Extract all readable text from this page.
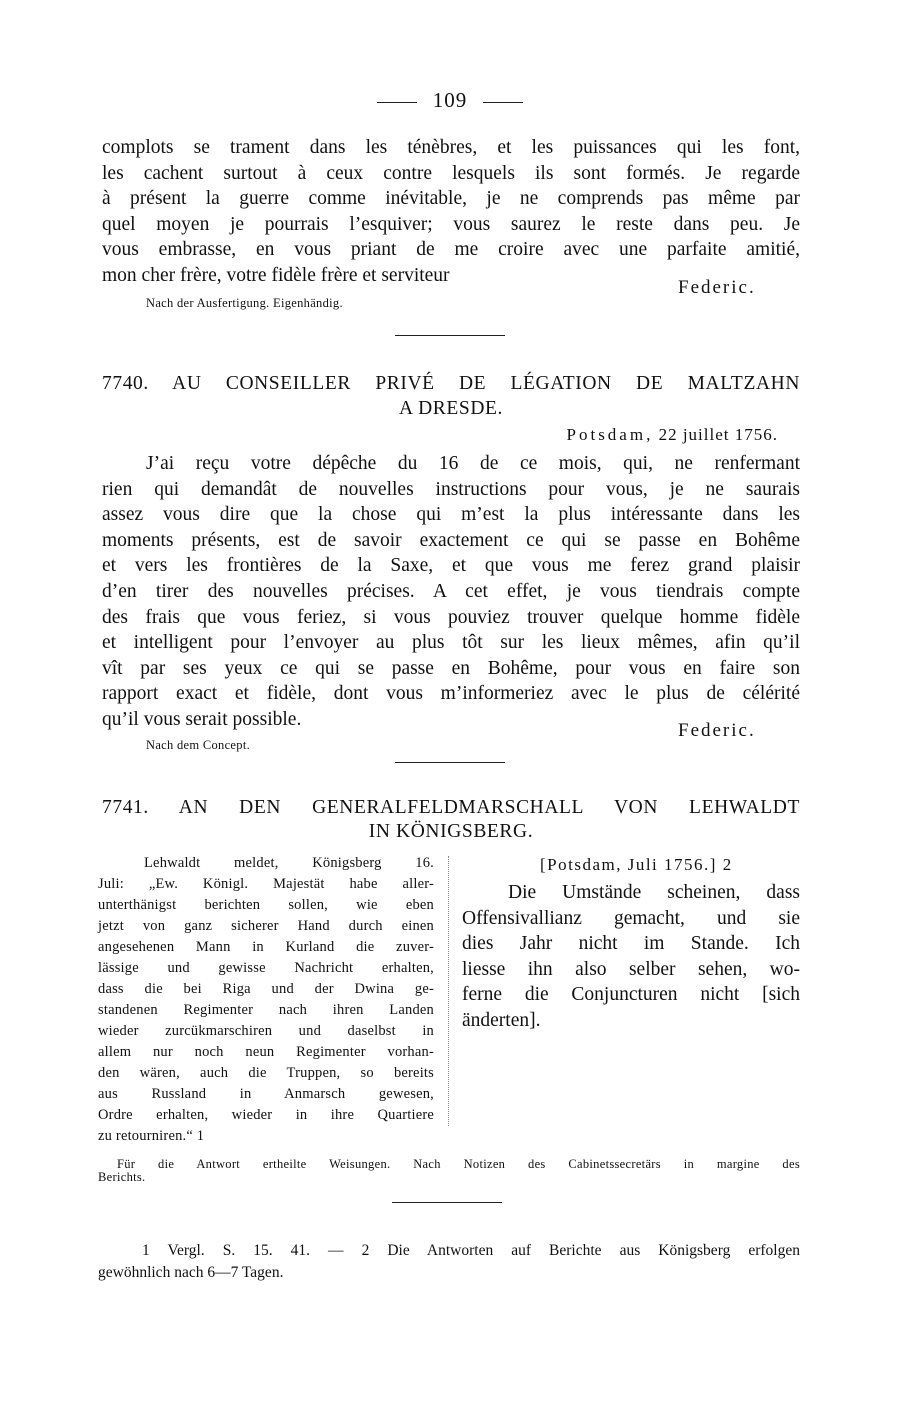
109
complots se trament dans les ténèbres, et les puissances qui les font,
les cachent surtout à ceux contre lesquels ils sont formés. Je regarde
à présent la guerre comme inévitable, je ne comprends pas même par
quel moyen je pourrais l’esquiver; vous saurez le reste dans peu. Je
vous embrasse, en vous priant de me croire avec une parfaite amitié,
mon cher frère, votre fidèle frère et serviteur
Federic.
Nach der Ausfertigung. Eigenhändig.
7740. AU CONSEILLER PRIVÉ DE LÉGATION DE MALTZAHN
A DRESDE.
Potsdam, 22 juillet 1756.
J’ai reçu votre dépêche du 16 de ce mois, qui, ne renfermant
rien qui demandât de nouvelles instructions pour vous, je ne saurais
assez vous dire que la chose qui m’est la plus intéressante dans les
moments présents, est de savoir exactement ce qui se passe en Bohême
et vers les frontières de la Saxe, et que vous me ferez grand plaisir
d’en tirer des nouvelles précises. A cet effet, je vous tiendrais compte
des frais que vous feriez, si vous pouviez trouver quelque homme fidèle
et intelligent pour l’envoyer au plus tôt sur les lieux mêmes, afin qu’il
vît par ses yeux ce qui se passe en Bohême, pour vous en faire son
rapport exact et fidèle, dont vous m’informeriez avec le plus de célérité
qu’il vous serait possible.
Federic.
Nach dem Concept.
7741. AN DEN GENERALFELDMARSCHALL VON LEHWALDT
IN KÖNIGSBERG.
Lehwaldt meldet, Königsberg 16.
Juli: „Ew. Königl. Majestät habe aller-
unterthänigst berichten sollen, wie eben
jetzt von ganz sicherer Hand durch einen
angesehenen Mann in Kurland die zuver-
lässige und gewisse Nachricht erhalten,
dass die bei Riga und der Dwina ge-
standenen Regimenter nach ihren Landen
wieder zurcükmarschiren und daselbst in
allem nur noch neun Regimenter vorhan-
den wären, auch die Truppen, so bereits
aus Russland in Anmarsch gewesen,
Ordre erhalten, wieder in ihre Quartiere
zu retourniren.“ 1
[Potsdam, Juli 1756.] 2
Die Umstände scheinen, dass
Offensivallianz gemacht, und sie
dies Jahr nicht im Stande. Ich
liesse ihn also selber sehen, wo-
ferne die Conjuncturen nicht [sich
änderten].
Für die Antwort ertheilte Weisungen. Nach Notizen des Cabinetssecretärs in margine des
Berichts.
1 Vergl. S. 15. 41. — 2 Die Antworten auf Berichte aus Königsberg erfolgen
gewöhnlich nach 6—7 Tagen.
